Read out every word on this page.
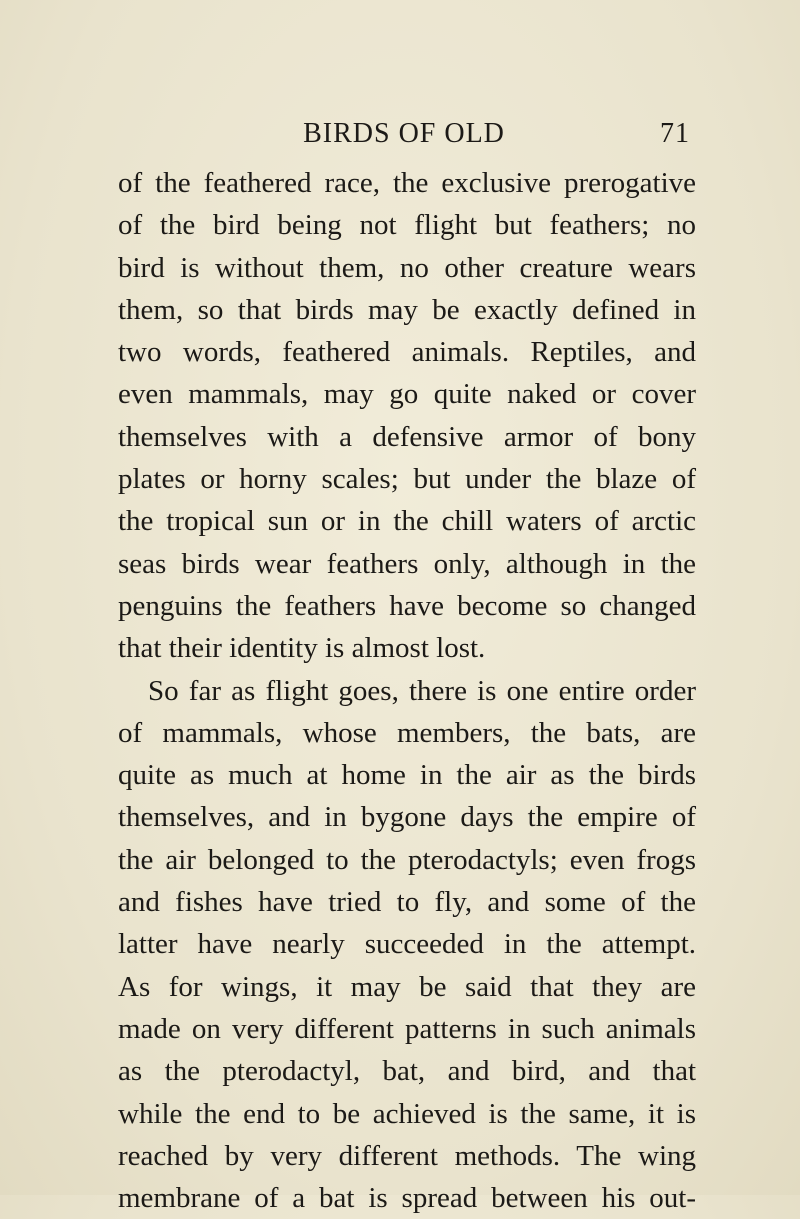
BIRDS OF OLD	71
of the feathered race, the exclusive prerogative
of the bird being not flight but feathers; no
bird is without them, no other creature wears
them, so that birds may be exactly defined in
two words, feathered animals. Reptiles, and
even mammals, may go quite naked or cover
themselves with a defensive armor of bony
plates or horny scales; but under the blaze of
the tropical sun or in the chill waters of arctic
seas birds wear feathers only, although in the
penguins the feathers have become so changed
that their identity is almost lost.
So far as flight goes, there is one entire order
of mammals, whose members, the bats, are
quite as much at home in the air as the birds
themselves, and in bygone days the empire of
the air belonged to the pterodactyls; even frogs
and fishes have tried to fly, and some of the
latter have nearly succeeded in the attempt.
As for wings, it may be said that they are
made on very different patterns in such animals
as the pterodactyl, bat, and bird, and that
while the end to be achieved is the same, it is
reached by very different methods. The wing
membrane of a bat is spread between his out-
